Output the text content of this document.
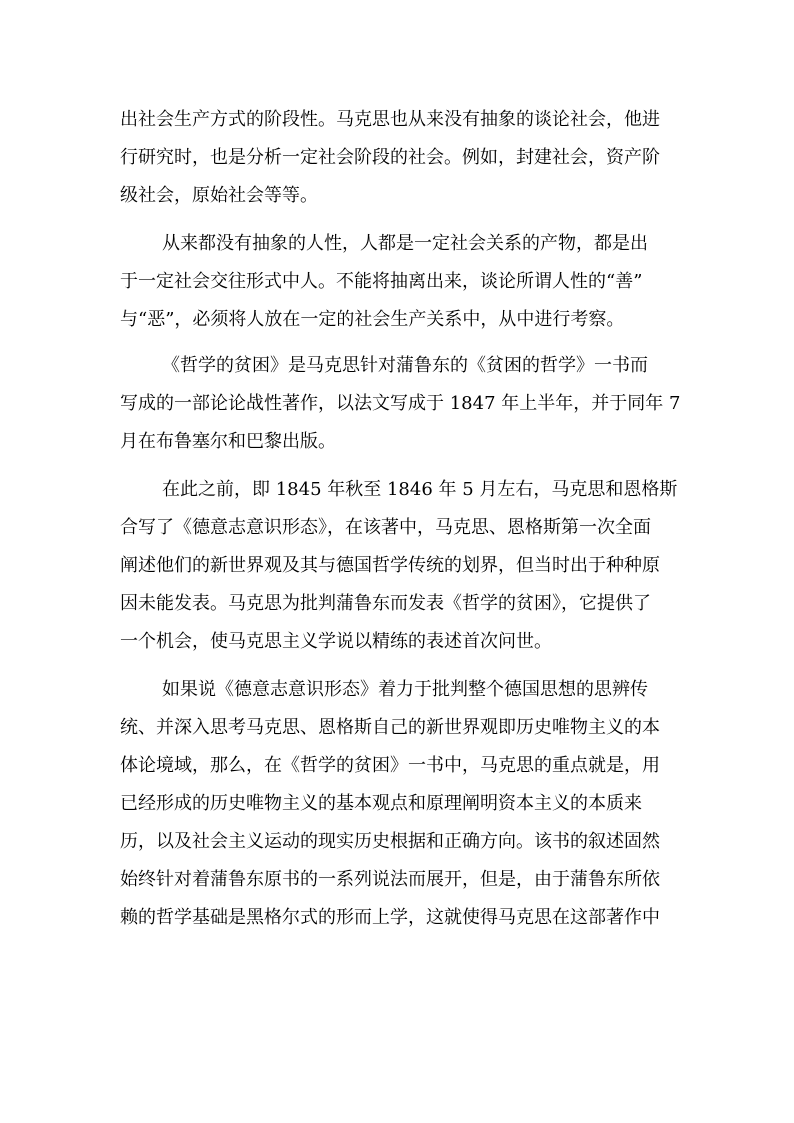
出社会生产方式的阶段性。马克思也从来没有抽象的谈论社会，他进
行研究时，也是分析一定社会阶段的社会。例如，封建社会，资产阶
级社会，原始社会等等。
从来都没有抽象的人性，人都是一定社会关系的产物，都是出
于一定社会交往形式中人。不能将抽离出来，谈论所谓人性的“善”
与“恶”，必须将人放在一定的社会生产关系中，从中进行考察。
《哲学的贫困》是马克思针对蒲鲁东的《贫困的哲学》一书而
写成的一部论论战性著作，以法文写成于 1847 年上半年，并于同年 7
月在布鲁塞尔和巴黎出版。
在此之前，即 1845 年秋至 1846 年 5 月左右，马克思和恩格斯
合写了《德意志意识形态》，在该著中，马克思、恩格斯第一次全面
阐述他们的新世界观及其与德国哲学传统的划界，但当时出于种种原
因未能发表。马克思为批判蒲鲁东而发表《哲学的贫困》，它提供了
一个机会，使马克思主义学说以精练的表述首次问世。
如果说《德意志意识形态》着力于批判整个德国思想的思辨传
统、并深入思考马克思、恩格斯自己的新世界观即历史唯物主义的本
体论境域，那么，在《哲学的贫困》一书中，马克思的重点就是，用
已经形成的历史唯物主义的基本观点和原理阐明资本主义的本质来
历，以及社会主义运动的现实历史根据和正确方向。该书的叙述固然
始终针对着蒲鲁东原书的一系列说法而展开，但是，由于蒲鲁东所依
赖的哲学基础是黑格尔式的形而上学，这就使得马克思在这部著作中
